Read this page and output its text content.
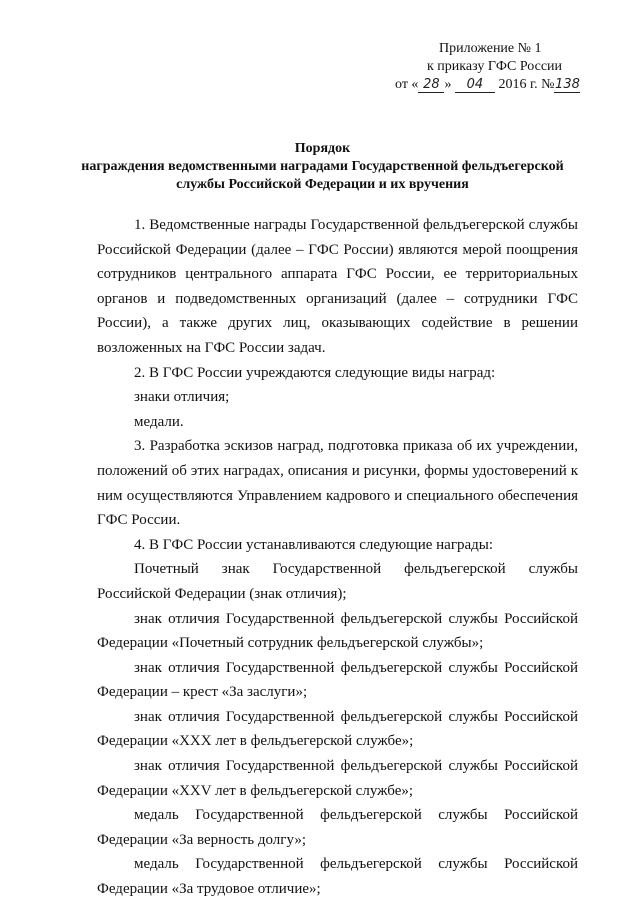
Приложение № 1
к приказу ГФС России
от « 28 » 04 2016 г. №138
Порядок
награждения ведомственными наградами Государственной фельдъегерской
службы Российской Федерации и их вручения

1. Ведомственные награды Государственной фельдъегерской службы Российской Федерации (далее – ГФС России) являются мерой поощрения сотрудников центрального аппарата ГФС России, ее территориальных органов и подведомственных организаций (далее – сотрудники ГФС России), а также других лиц, оказывающих содействие в решении возложенных на ГФС России задач.

2. В ГФС России учреждаются следующие виды наград:

знаки отличия;

медали.

3. Разработка эскизов наград, подготовка приказа об их учреждении, положений об этих наградах, описания и рисунки, формы удостоверений к ним осуществляются Управлением кадрового и специального обеспечения ГФС России.

4. В ГФС России устанавливаются следующие награды:

Почетный знак Государственной фельдъегерской службы Российской Федерации (знак отличия);

знак отличия Государственной фельдъегерской службы Российской Федерации «Почетный сотрудник фельдъегерской службы»;

знак отличия Государственной фельдъегерской службы Российской Федерации – крест «За заслуги»;

знак отличия Государственной фельдъегерской службы Российской Федерации «XXX лет в фельдъегерской службе»;

знак отличия Государственной фельдъегерской службы Российской Федерации «XXV лет в фельдъегерской службе»;

медаль Государственной фельдъегерской службы Российской Федерации «За верность долгу»;

медаль Государственной фельдъегерской службы Российской Федерации «За трудовое отличие»;
